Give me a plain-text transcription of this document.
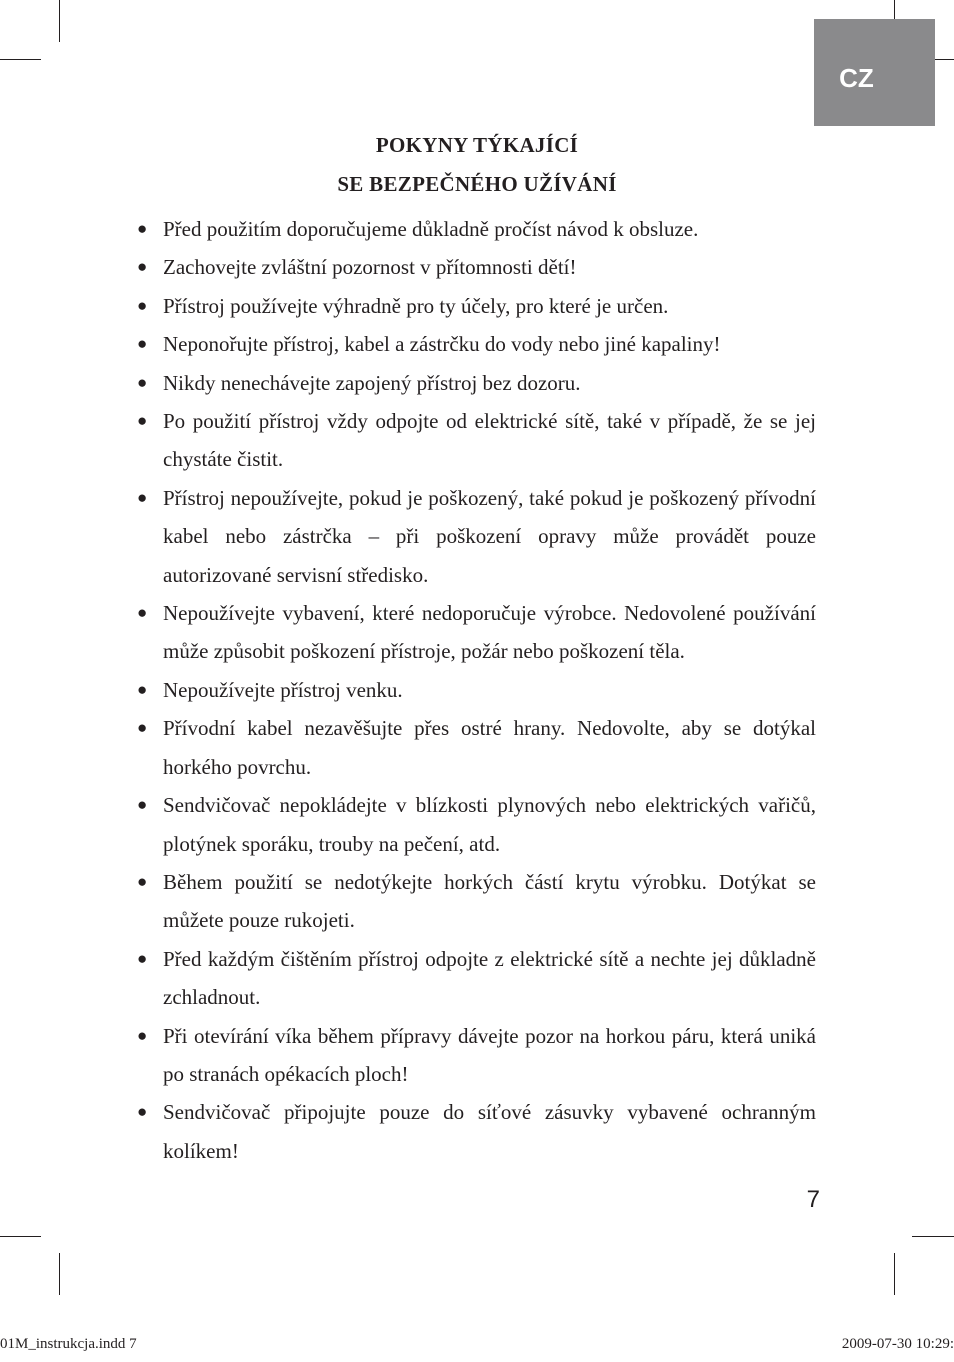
CZ
POKYNY TÝKAJÍCÍ
SE BEZPEČNÉHO UŽÍVÁNÍ
● Před použitím doporučujeme důkladně pročíst návod k obsluze.
● Zachovejte zvláštní pozornost v přítomnosti dětí!
● Přístroj používejte výhradně pro ty účely, pro které je určen.
● Neponořujte přístroj, kabel a zástrčku do vody nebo jiné kapaliny!
● Nikdy nenechávejte zapojený přístroj bez dozoru.
● Po použití přístroj vždy odpojte od elektrické sítě, také v případě, že se jej chystáte čistit.
● Přístroj nepoužívejte, pokud je poškozený, také pokud je poškozený přívodní kabel nebo zástrčka – při poškození opravy může provádět pouze autorizované servisní středisko.
● Nepoužívejte vybavení, které nedoporučuje výrobce. Nedovolené používání může způsobit poškození přístroje, požár nebo poškození těla.
● Nepoužívejte přístroj venku.
● Přívodní kabel nezavěšujte přes ostré hrany. Nedovolte, aby se dotýkal horkého povrchu.
● Sendvičovač nepokládejte v blízkosti plynových nebo elektrických vařičů, plotýnek sporáku, trouby na pečení, atd.
● Během použití se nedotýkejte horkých částí krytu výrobku. Dotýkat se můžete pouze rukojeti.
● Před každým čištěním přístroj odpojte z elektrické sítě a nechte jej důkladně zchladnout.
● Při otevírání víka během přípravy dávejte pozor na horkou páru, která uniká po stranách opékacích ploch!
● Sendvičovač připojujte pouze do síťové zásuvky vybavené ochranným kolíkem!
7
01M_instrukcja.indd 7	2009-07-30 10:29:
